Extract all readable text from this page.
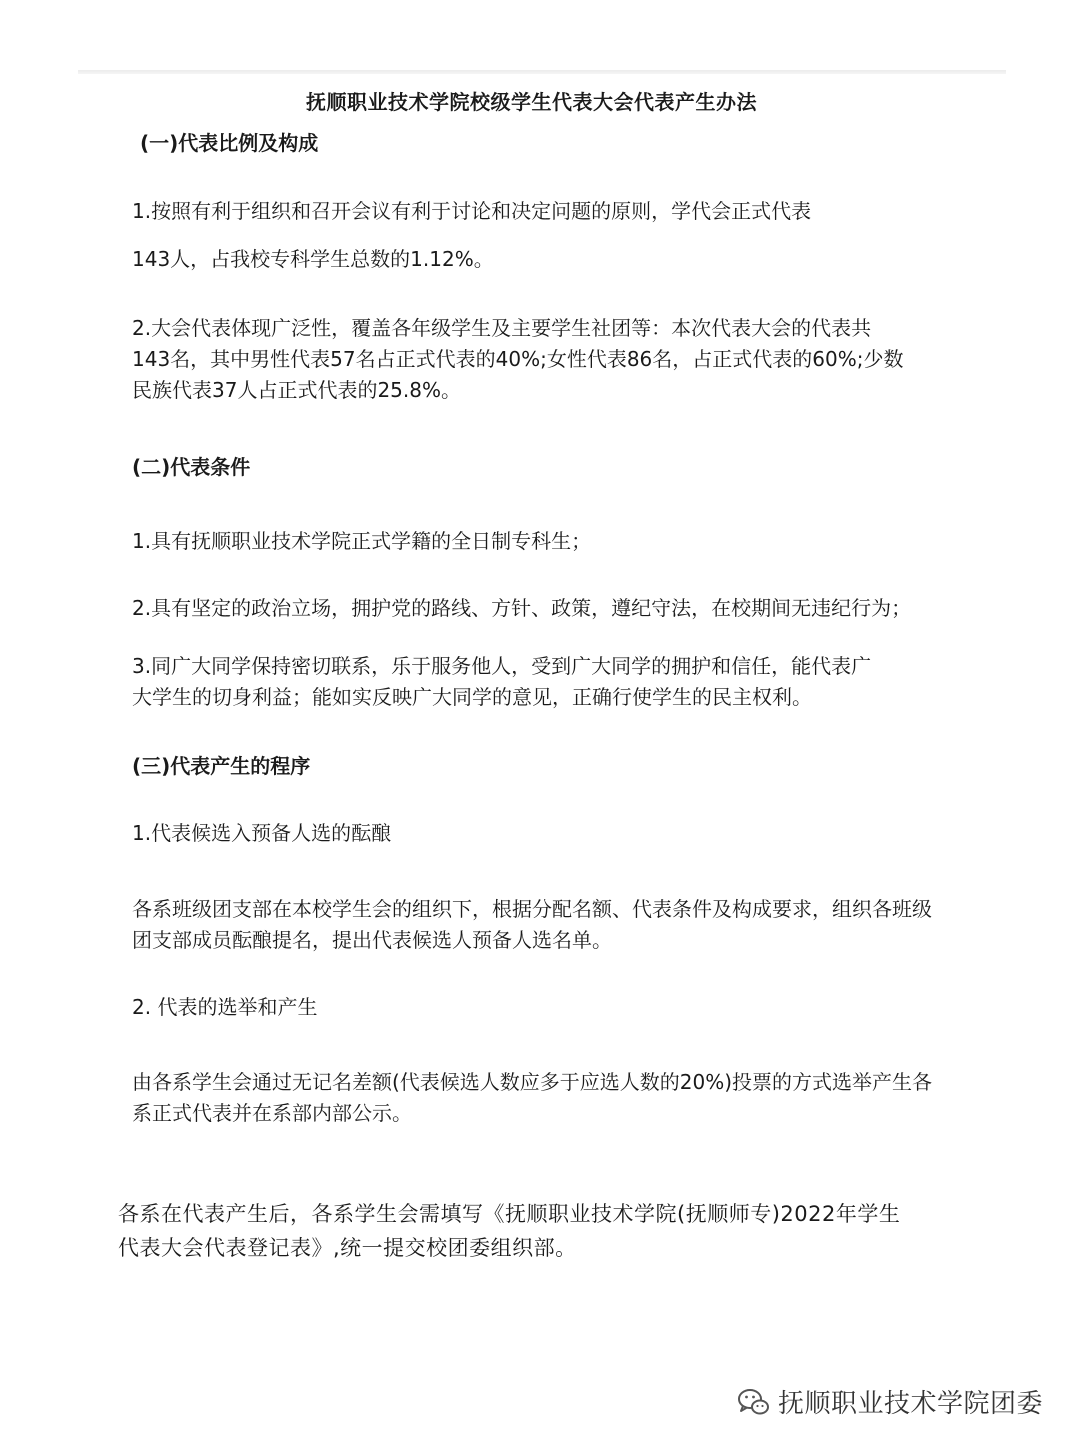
抚顺职业技术学院校级学生代表大会代表产生办法
(一)代表比例及构成
1.按照有利于组织和召开会议有利于讨论和决定问题的原则，学代会正式代表
143人，占我校专科学生总数的1.12%。
2.大会代表体现广泛性，覆盖各年级学生及主要学生社团等：本次代表大会的代表共
143名，其中男性代表57名占正式代表的40%;女性代表86名，占正式代表的60%;少数
民族代表37人占正式代表的25.8%。
(二)代表条件
1.具有抚顺职业技术学院正式学籍的全日制专科生；
2.具有坚定的政治立场，拥护党的路线、方针、政策，遵纪守法，在校期间无违纪行为；
3.同广大同学保持密切联系，乐于服务他人，受到广大同学的拥护和信任，能代表广
大学生的切身利益；能如实反映广大同学的意见，正确行使学生的民主权利。
(三)代表产生的程序
1.代表候选入预备人选的酝酿
各系班级团支部在本校学生会的组织下，根据分配名额、代表条件及构成要求，组织各班级
团支部成员酝酿提名，提出代表候选人预备人选名单。
2. 代表的选举和产生
由各系学生会通过无记名差额(代表候选人数应多于应选人数的20%)投票的方式选举产生各
系正式代表并在系部内部公示。
各系在代表产生后，各系学生会需填写《抚顺职业技术学院(抚顺师专)2022年学生
代表大会代表登记表》,统一提交校团委组织部。
抚顺职业技术学院团委
